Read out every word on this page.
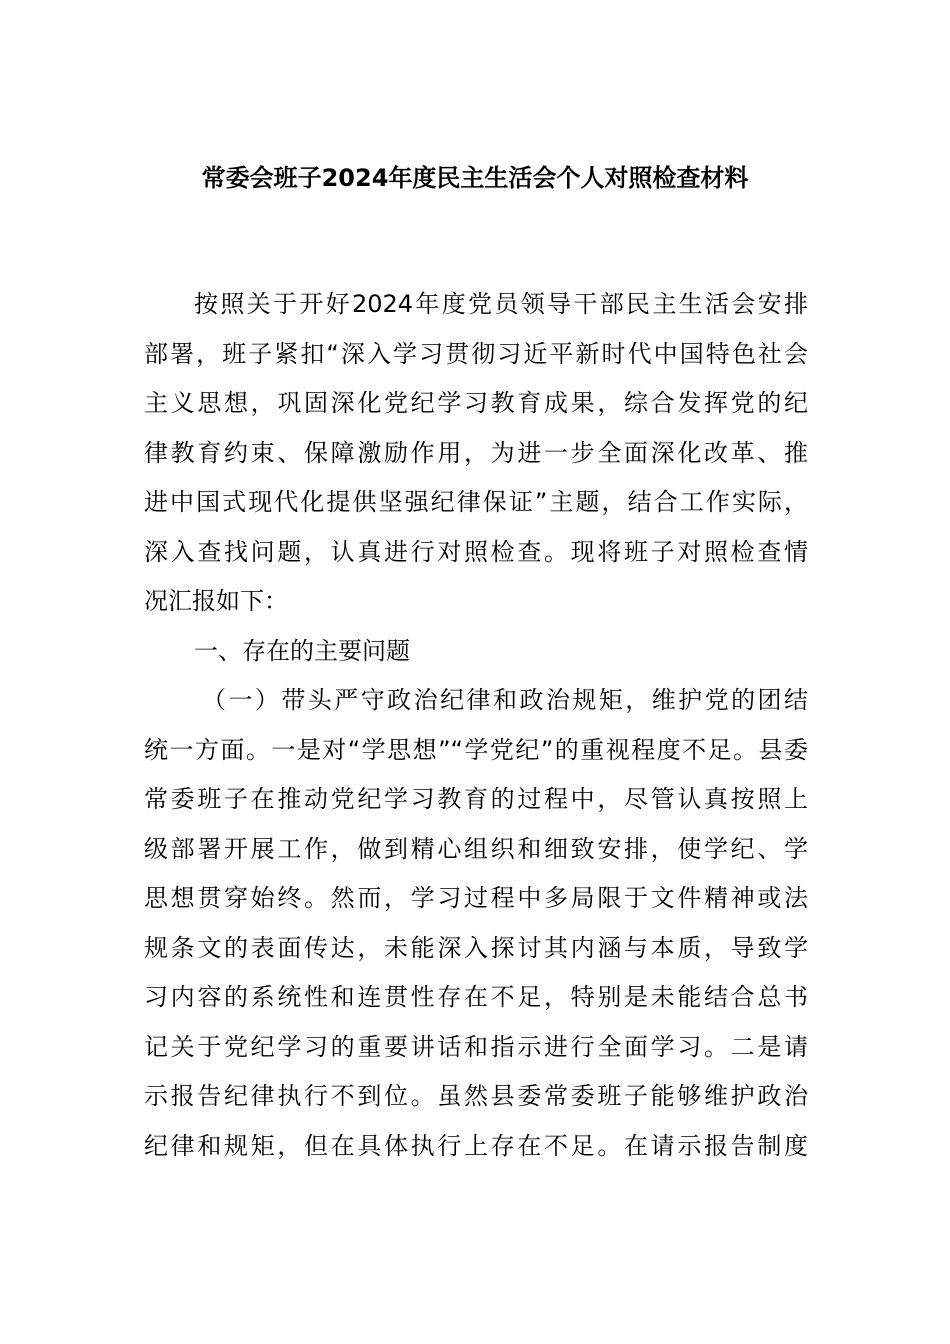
常委会班子2024年度民主生活会个人对照检查材料
按照关于开好2024年度党员领导干部民主生活会安排
部署，班子紧扣“深入学习贯彻习近平新时代中国特色社会
主义思想，巩固深化党纪学习教育成果，综合发挥党的纪
律教育约束、保障激励作用，为进一步全面深化改革、推
进中国式现代化提供坚强纪律保证”主题，结合工作实际，
深入查找问题，认真进行对照检查。现将班子对照检查情
况汇报如下：
一、存在的主要问题
（一）带头严守政治纪律和政治规矩，维护党的团结
统一方面。一是对“学思想”“学党纪”的重视程度不足。县委
常委班子在推动党纪学习教育的过程中，尽管认真按照上
级部署开展工作，做到精心组织和细致安排，使学纪、学
思想贯穿始终。然而，学习过程中多局限于文件精神或法
规条文的表面传达，未能深入探讨其内涵与本质，导致学
习内容的系统性和连贯性存在不足，特别是未能结合总书
记关于党纪学习的重要讲话和指示进行全面学习。二是请
示报告纪律执行不到位。虽然县委常委班子能够维护政治
纪律和规矩，但在具体执行上存在不足。在请示报告制度
